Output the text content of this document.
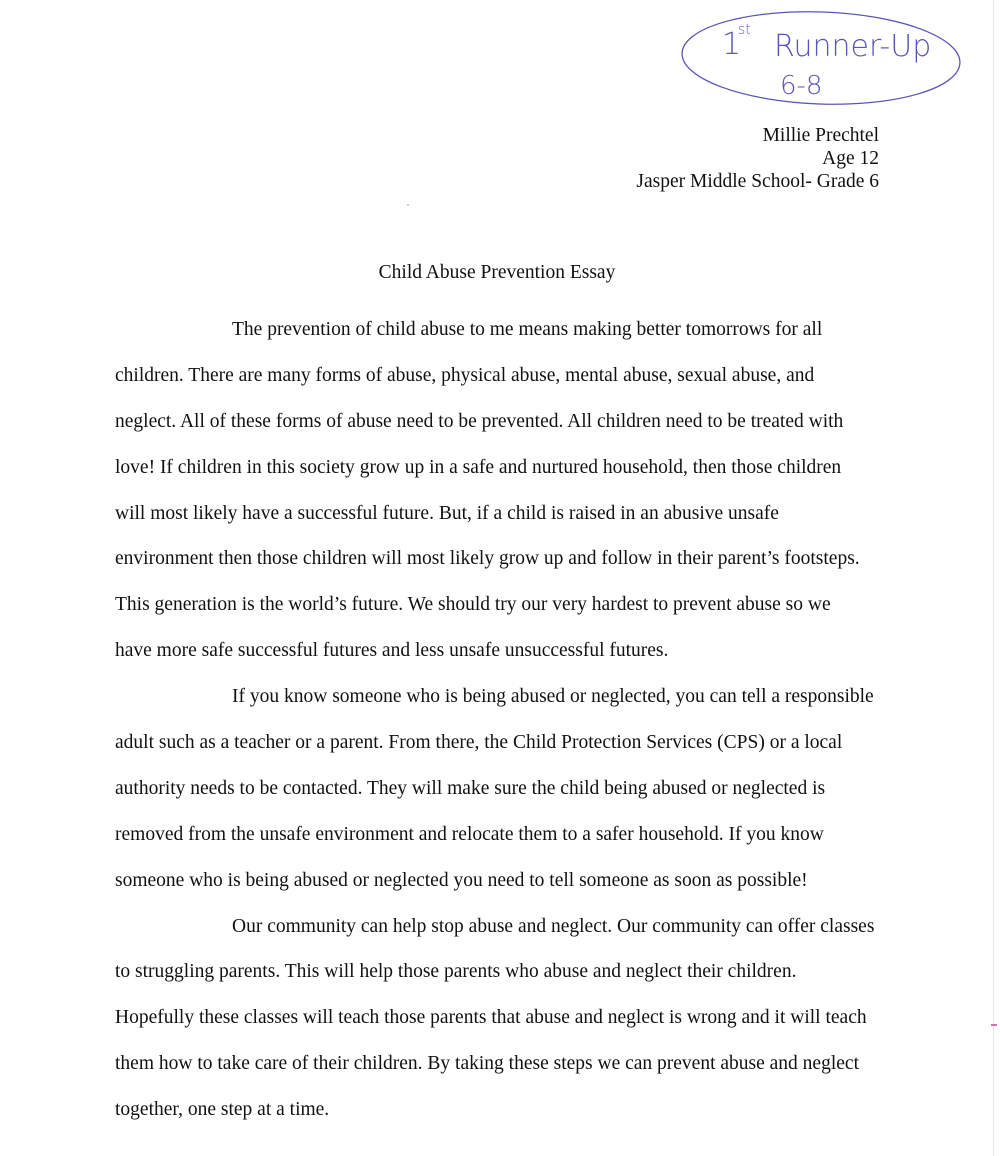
1
st Runner-Up
6-8
Millie Prechtel
Age 12
Jasper Middle School- Grade 6
Child Abuse Prevention Essay
The prevention of child abuse to me means making better tomorrows for all
children. There are many forms of abuse, physical abuse, mental abuse, sexual abuse, and
neglect. All of these forms of abuse need to be prevented. All children need to be treated with
love! If children in this society grow up in a safe and nurtured household, then those children
will most likely have a successful future. But, if a child is raised in an abusive unsafe
environment then those children will most likely grow up and follow in their parent’s footsteps.
This generation is the world’s future. We should try our very hardest to prevent abuse so we
have more safe successful futures and less unsafe unsuccessful futures.
If you know someone who is being abused or neglected, you can tell a responsible
adult such as a teacher or a parent. From there, the Child Protection Services (CPS) or a local
authority needs to be contacted. They will make sure the child being abused or neglected is
removed from the unsafe environment and relocate them to a safer household. If you know
someone who is being abused or neglected you need to tell someone as soon as possible!
Our community can help stop abuse and neglect. Our community can offer classes
to struggling parents. This will help those parents who abuse and neglect their children.
Hopefully these classes will teach those parents that abuse and neglect is wrong and it will teach
them how to take care of their children. By taking these steps we can prevent abuse and neglect
together, one step at a time.
